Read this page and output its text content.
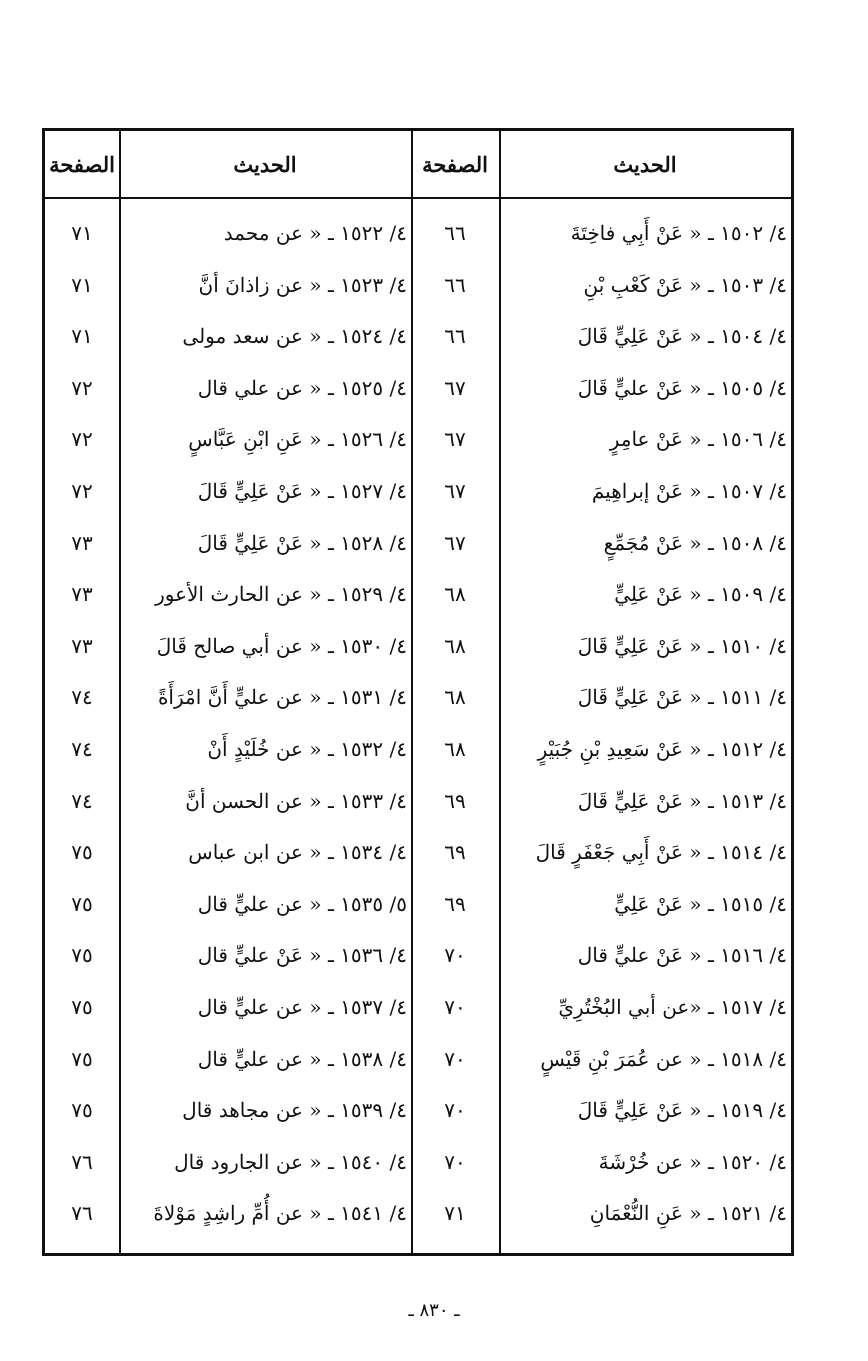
الحديث
الصفحة
الحديث
الصفحة
٤/ ١٥٠٢ ـ « عَنْ أَبِي فاخِتَةَ
٦٦
٤/ ١٥٠٣ ـ « عَنْ كَعْبِ بْنِ
٦٦
٤/ ١٥٠٤ ـ « عَنْ عَلِيٍّ قَالَ
٦٦
٤/ ١٥٠٥ ـ « عَنْ عليٍّ قَالَ
٦٧
٤/ ١٥٠٦ ـ « عَنْ عامِرٍ
٦٧
٤/ ١٥٠٧ ـ « عَنْ إبراهِيمَ
٦٧
٤/ ١٥٠٨ ـ « عَنْ مُجَمِّعٍ
٦٧
٤/ ١٥٠٩ ـ « عَنْ عَلِيٍّ
٦٨
٤/ ١٥١٠ ـ « عَنْ عَلِيٍّ قَالَ
٦٨
٤/ ١٥١١ ـ « عَنْ عَلِيٍّ قَالَ
٦٨
٤/ ١٥١٢ ـ « عَنْ سَعِيدِ بْنِ جُبَيْرٍ
٦٨
٤/ ١٥١٣ ـ « عَنْ عَلِيٍّ قَالَ
٦٩
٤/ ١٥١٤ ـ « عَنْ أَبِي جَعْفَرٍ قَالَ
٦٩
٤/ ١٥١٥ ـ « عَنْ عَلِيٍّ
٦٩
٤/ ١٥١٦ ـ « عَنْ عليٍّ قال
٧٠
٤/ ١٥١٧ ـ «عن أبي البُخْتُرِيِّ
٧٠
٤/ ١٥١٨ ـ « عن عُمَرَ بْنِ قَيْسٍ
٧٠
٤/ ١٥١٩ ـ « عَنْ عَلِيٍّ قَالَ
٧٠
٤/ ١٥٢٠ ـ « عن خُرْشَةَ
٧٠
٤/ ١٥٢١ ـ « عَنِ النُّعْمَانِ
٧١
٤/ ١٥٢٢ ـ « عن محمد
٧١
٤/ ١٥٢٣ ـ « عن زاذانَ أنَّ
٧١
٤/ ١٥٢٤ ـ « عن سعد مولى
٧١
٤/ ١٥٢٥ ـ « عن علي قال
٧٢
٤/ ١٥٢٦ ـ « عَنِ ابْنِ عَبَّاسٍ
٧٢
٤/ ١٥٢٧ ـ « عَنْ عَلِيٍّ قَالَ
٧٢
٤/ ١٥٢٨ ـ « عَنْ عَلِيٍّ قَالَ
٧٣
٤/ ١٥٢٩ ـ « عن الحارث الأعور
٧٣
٤/ ١٥٣٠ ـ « عن أبي صالح قَالَ
٧٣
٤/ ١٥٣١ ـ « عن عليٍّ أَنَّ امْرَأَةً
٧٤
٤/ ١٥٣٢ ـ « عن خُلَيْدٍ أَنْ
٧٤
٤/ ١٥٣٣ ـ « عن الحسن أنَّ
٧٤
٤/ ١٥٣٤ ـ « عن ابن عباس
٧٥
٥/ ١٥٣٥ ـ « عن عليٍّ قال
٧٥
٤/ ١٥٣٦ ـ « عَنْ عليٍّ قال
٧٥
٤/ ١٥٣٧ ـ « عن عليٍّ قال
٧٥
٤/ ١٥٣٨ ـ « عن عليٍّ قال
٧٥
٤/ ١٥٣٩ ـ « عن مجاهد قال
٧٥
٤/ ١٥٤٠ ـ « عن الجارود قال
٧٦
٤/ ١٥٤١ ـ « عن أُمِّ راشِدٍ مَوْلاةَ
٧٦
ـ ٨٣٠ ـ
